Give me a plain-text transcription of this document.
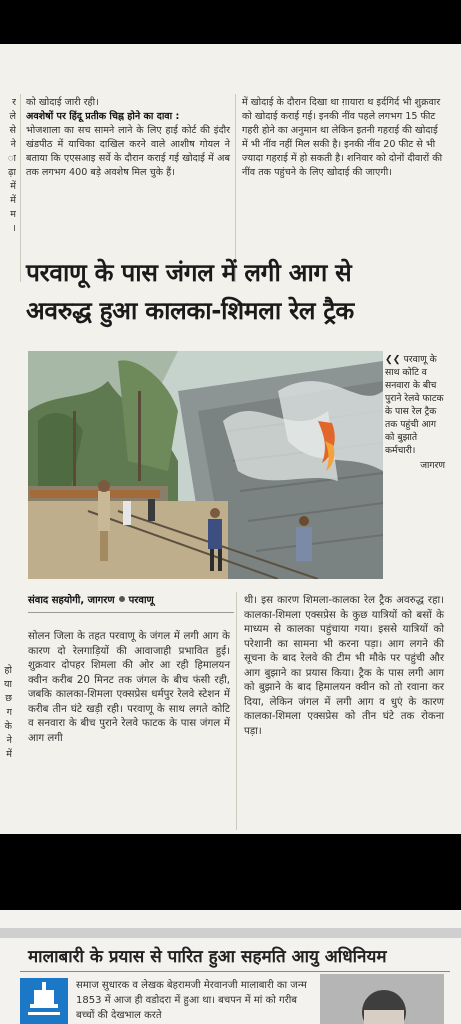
र
ले
से
ने
ा
ढ़ा
में
में
म
।

को खोदाई जारी रही।

अवशेषों पर हिंदू प्रतीक चिह्न होने का दावा :

भोजशाला का सच सामने लाने के लिए हाई कोर्ट की इंदौर खंडपीठ में याचिका दाखिल करने वाले आशीष गोयल ने बताया कि एएसआइ सर्वे के दौरान कराई गई खोदाई में अब तक लगभग 400 बड़े अवशेष मिल चुके हैं।

में खोदाई के दौरान दिखा था ग़ायारा थ इर्दगिर्द भी शुक्रवार को खोदाई कराई गई। इनकी नींव पहले लगभग 15 फीट गहरी होने का अनुमान था लेकिन इतनी गहराई की खोदाई में भी नींव नहीं मिल सकी है। इनकी नींव 20 फीट से भी ज्यादा गहराई में हो सकती है। शनिवार को दोनों दीवारों की नींव तक पहुंचने के लिए खोदाई की जाएगी।

परवाणू के पास जंगल में लगी आग से
अवरुद्ध हुआ कालका-शिमला रेल ट्रैक
❮❮ परवाणू के साथ कोटि व सनवारा के बीच पुराने रेलवे फाटक के पास रेल ट्रैक तक पहुंची आग को बुझाते कर्मचारी।
जागरण
संवाद सहयोगी, जागरण परवाणू
हो
या
छ
ग
के
ने
में

सोलन जिला के तहत परवाणू के जंगल में लगी आग के कारण दो रेलगाड़ियों की आवाजाही प्रभावित हुई। शुक्रवार दोपहर शिमला की ओर आ रही हिमालयन क्वीन करीब 20 मिनट तक जंगल के बीच फंसी रही, जबकि कालका-शिमला एक्सप्रेस धर्मपुर रेलवे स्टेशन में करीब तीन घंटे खड़ी रही। परवाणू के साथ लगते कोटि व सनवारा के बीच पुराने रेलवे फाटक के पास जंगल में आग लगी

थी। इस कारण शिमला-कालका रेल ट्रैक अवरुद्ध रहा। कालका-शिमला एक्सप्रेस के कुछ यात्रियों को बसों के माध्यम से कालका पहुंचाया गया। इससे यात्रियों को परेशानी का सामना भी करना पड़ा। आग लगने की सूचना के बाद रेलवे की टीम भी मौके पर पहुंची और आग बुझाने का प्रयास किया। ट्रैक के पास लगी आग को बुझाने के बाद हिमालयन क्वीन को तो रवाना कर दिया, लेकिन जंगल में लगी आग व धुएं के कारण कालका-शिमला एक्सप्रेस को तीन घंटे तक रोकना पड़ा।

मालाबारी के प्रयास से पारित हुआ सहमति आयु अधिनियम
समाज सुधारक व लेखक बेहरामजी मेरवानजी मालाबारी का जन्म 1853 में आज ही वडोदरा में हुआ था। बचपन में मां को गरीब बच्चों की देखभाल करते
